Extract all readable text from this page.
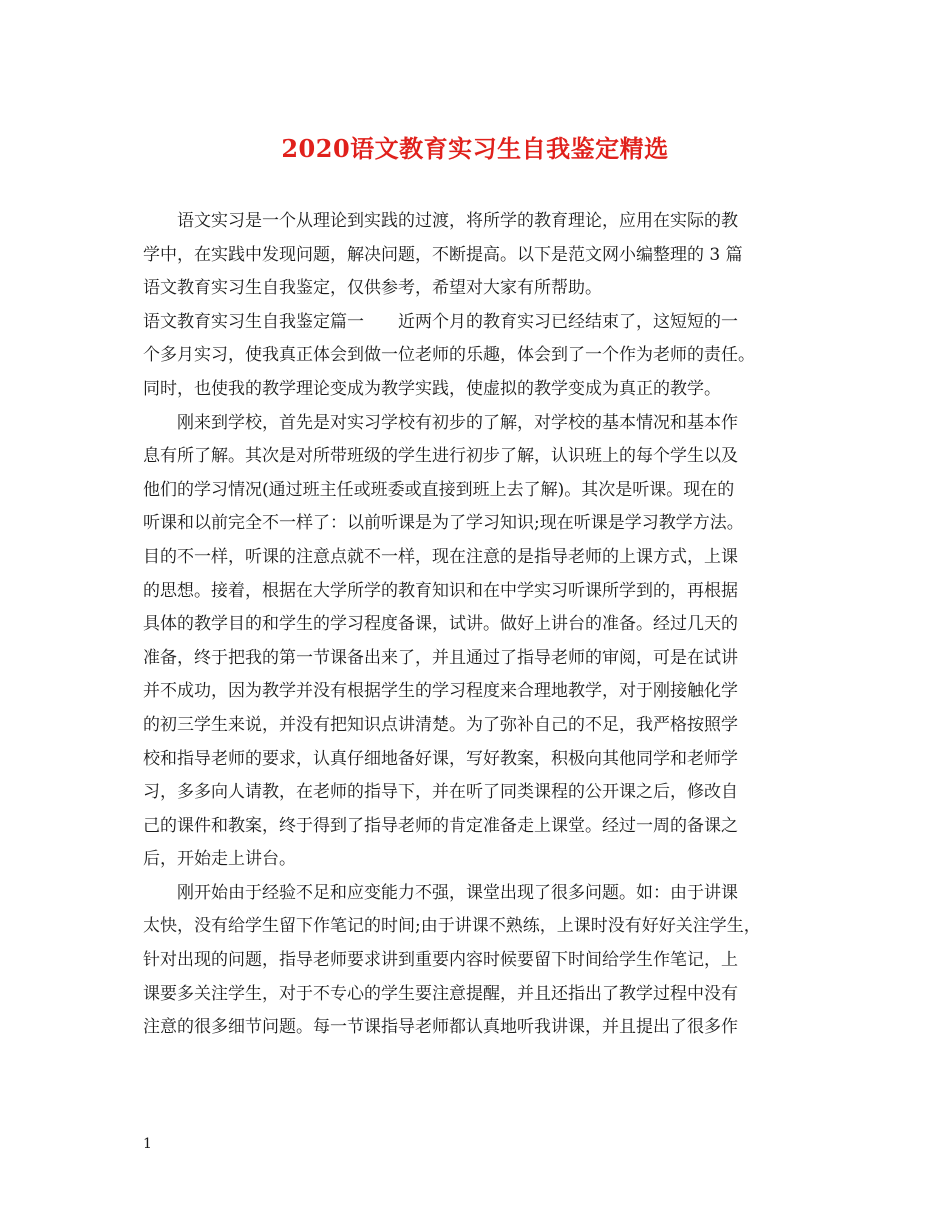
2020语文教育实习生自我鉴定精选
语文实习是一个从理论到实践的过渡，将所学的教育理论，应用在实际的教
学中，在实践中发现问题，解决问题，不断提高。以下是范文网小编整理的 3 篇
语文教育实习生自我鉴定，仅供参考，希望对大家有所帮助。
语文教育实习生自我鉴定篇一　　近两个月的教育实习已经结束了，这短短的一
个多月实习，使我真正体会到做一位老师的乐趣，体会到了一个作为老师的责任。
同时，也使我的教学理论变成为教学实践，使虚拟的教学变成为真正的教学。
刚来到学校，首先是对实习学校有初步的了解，对学校的基本情况和基本作
息有所了解。其次是对所带班级的学生进行初步了解，认识班上的每个学生以及
他们的学习情况(通过班主任或班委或直接到班上去了解)。其次是听课。现在的
听课和以前完全不一样了：以前听课是为了学习知识;现在听课是学习教学方法。
目的不一样，听课的注意点就不一样，现在注意的是指导老师的上课方式，上课
的思想。接着，根据在大学所学的教育知识和在中学实习听课所学到的，再根据
具体的教学目的和学生的学习程度备课，试讲。做好上讲台的准备。经过几天的
准备，终于把我的第一节课备出来了，并且通过了指导老师的审阅，可是在试讲
并不成功，因为教学并没有根据学生的学习程度来合理地教学，对于刚接触化学
的初三学生来说，并没有把知识点讲清楚。为了弥补自己的不足，我严格按照学
校和指导老师的要求，认真仔细地备好课，写好教案，积极向其他同学和老师学
习，多多向人请教，在老师的指导下，并在听了同类课程的公开课之后，修改自
己的课件和教案，终于得到了指导老师的肯定准备走上课堂。经过一周的备课之
后，开始走上讲台。
刚开始由于经验不足和应变能力不强，课堂出现了很多问题。如：由于讲课
太快，没有给学生留下作笔记的时间;由于讲课不熟练，上课时没有好好关注学生，
针对出现的问题，指导老师要求讲到重要内容时候要留下时间给学生作笔记，上
课要多关注学生，对于不专心的学生要注意提醒，并且还指出了教学过程中没有
注意的很多细节问题。每一节课指导老师都认真地听我讲课，并且提出了很多作
1
